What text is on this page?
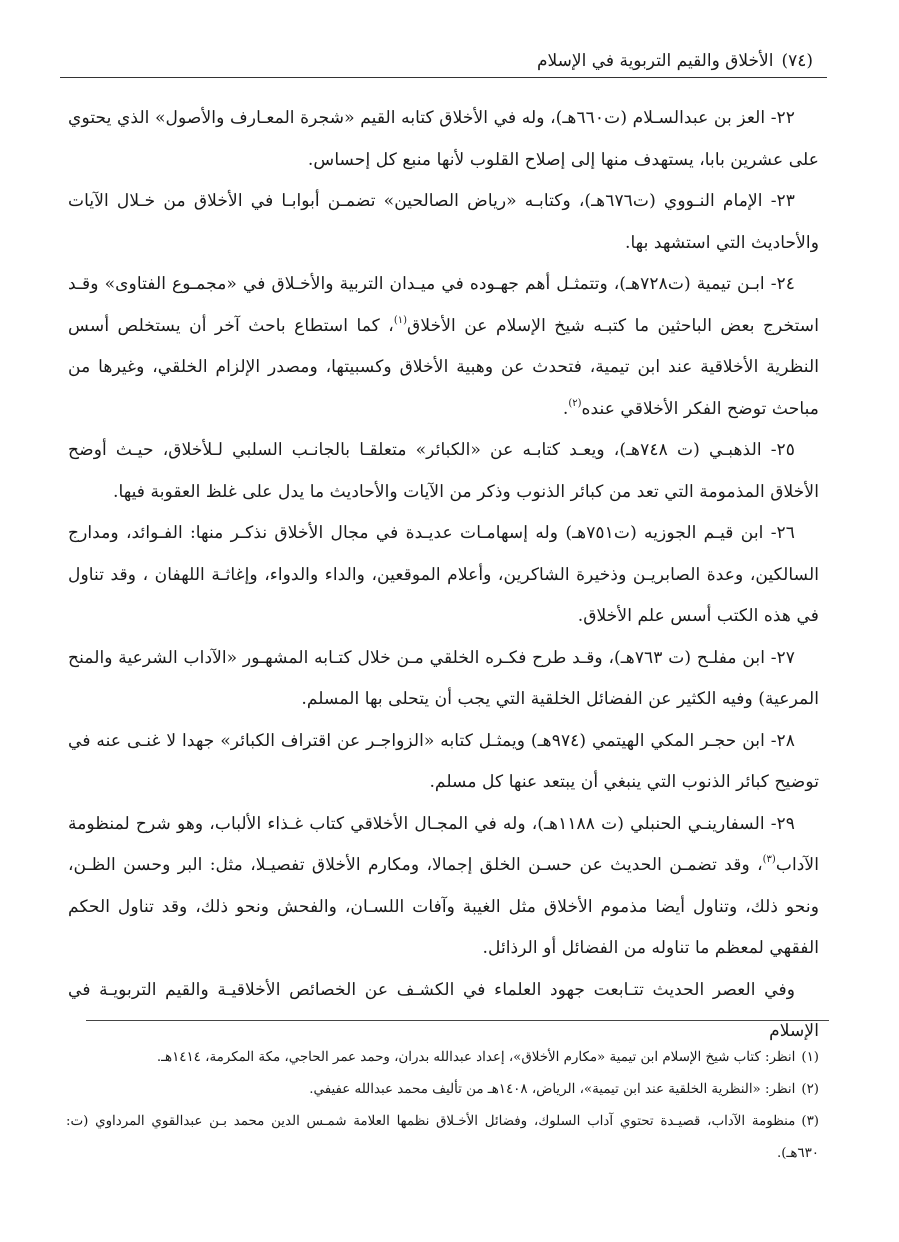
(٧٤)
الأخلاق والقيم التربوية في الإسلام

٢٢- العز بن عبدالسـلام (ت٦٦٠هـ)، وله في الأخلاق كتابه القيم «شجرة المعـارف والأصول» الذي يحتوي على عشرين بابا، يستهدف منها إلى إصلاح القلوب لأنها منبع كل إحساس.

٢٣- الإمام النـووي (ت٦٧٦هـ)، وكتابـه «رياض الصالحين» تضمـن أبوابـا في الأخلاق من خـلال الآيات والأحاديث التي استشهد بها.

٢٤- ابـن تيمية (ت٧٢٨هـ)، وتتمثـل أهم جهـوده في ميـدان التربية والأخـلاق في «مجمـوع الفتاوى» وقـد استخرج بعض الباحثين ما كتبـه شيخ الإسلام عن الأخلاق$^{(١)}$، كما استطاع باحث آخر أن يستخلص أسس النظرية الأخلاقية عند ابن تيمية، فتحدث عن وهبية الأخلاق وكسبيتها، ومصدر الإلزام الخلقي، وغيرها من مباحث توضح الفكر الأخلاقي عنده$^{(٢)}$.

٢٥- الذهبـي (ت ٧٤٨هـ)، ويعـد كتابـه عن «الكبائر» متعلقـا بالجانـب السلبي لـلأخلاق، حيـث أوضح الأخلاق المذمومة التي تعد من كبائر الذنوب وذكر من الآيات والأحاديث ما يدل على غلظ العقوبة فيها.

٢٦- ابن قيـم الجوزيه (ت٧٥١هـ) وله إسهامـات عديـدة في مجال الأخلاق نذكـر منها: الفـوائد، ومدارج السالكين، وعدة الصابريـن وذخيرة الشاكرين، وأعلام الموقعين، والداء والدواء، وإغاثـة اللهفان ، وقد تناول في هذه الكتب أسس علم الأخلاق.

٢٧- ابن مفلـح (ت ٧٦٣هـ)، وقـد طرح فكـره الخلقي مـن خلال كتـابه المشهـور «الآداب الشرعية والمنح المرعية) وفيه الكثير عن الفضائل الخلقية التي يجب أن يتحلى بها المسلم.

٢٨- ابن حجـر المكي الهيتمي (٩٧٤هـ) ويمثـل كتابه «الزواجـر عن اقتراف الكبائر» جهدا لا غنـى عنه في توضيح كبائر الذنوب التي ينبغي أن يبتعد عنها كل مسلم.

٢٩- السفارينـي الحنبلي (ت ١١٨٨هـ)، وله في المجـال الأخلاقي كتاب غـذاء الألباب، وهو شرح لمنظومة الآداب$^{(٣)}$، وقد تضمـن الحديث عن حسـن الخلق إجمالا، ومكارم الأخلاق تفصيـلا، مثل: البر وحسن الظـن، ونحو ذلك، وتناول أيضا مذموم الأخلاق مثل الغيبة وآفات اللسـان، والفحش ونحو ذلك، وقد تناول الحكم الفقهي لمعظم ما تناوله من الفضائل أو الرذائل.

وفي العصر الحديث تتـابعت جهود العلماء في الكشـف عن الخصائص الأخلاقيـة والقيم التربويـة في الإسلام

(١)انظر: كتاب شيخ الإسلام ابن تيمية «مكارم الأخلاق»، إعداد عبدالله بدران، وحمد عمر الحاجي، مكة المكرمة، ١٤١٤هـ.

(٢)انظر: «النظرية الخلقية عند ابن تيمية»، الرياض، ١٤٠٨هـ من تأليف محمد عبدالله عفيفي.

(٣)منظومة الآداب، قصيـدة تحتوي آداب السلوك، وفضائل الأخـلاق نظمها العلامة شمـس الدين محمد بـن عبدالقوي المرداوي (ت: ٦٣٠هـ).
